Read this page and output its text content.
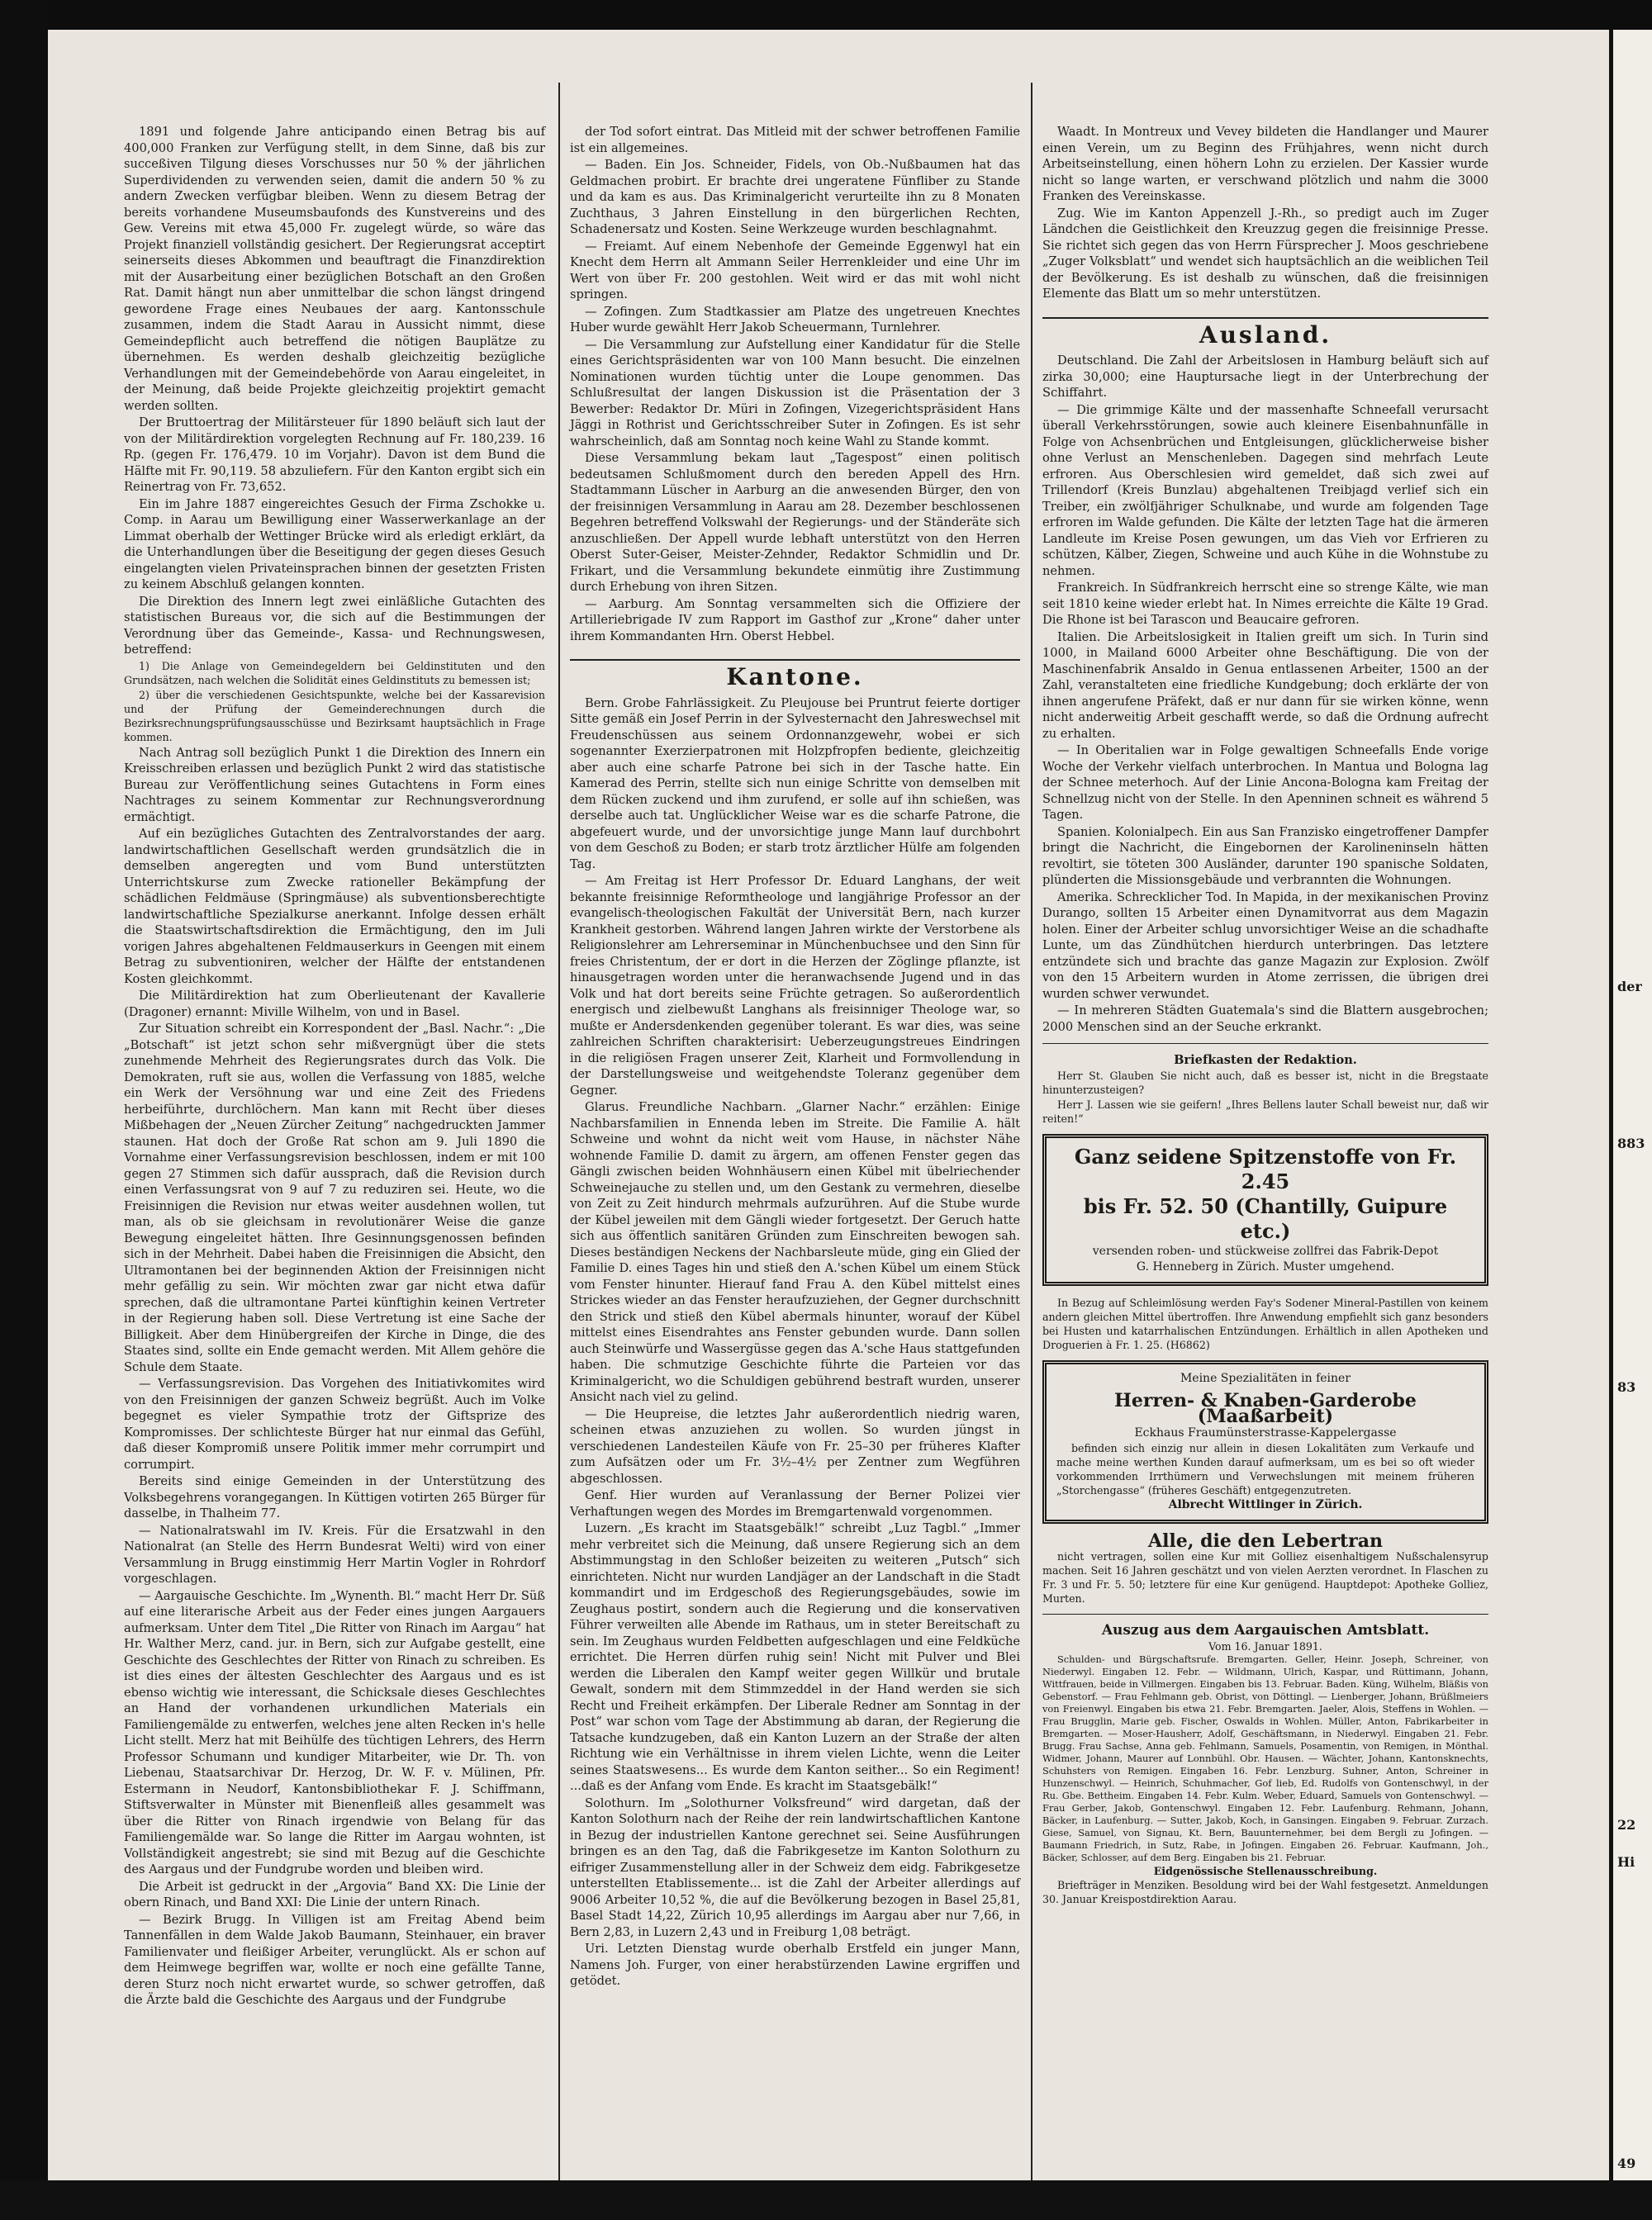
1891 und folgende Jahre anticipando einen Betrag bis auf 400,000 Franken zur Verfügung stellt, in dem Sinne, daß bis zur succeßiven Tilgung dieses Vorschusses nur 50 % der jährlichen Superdividenden zu verwenden seien, damit die andern 50 % zu andern Zwecken verfügbar bleiben. Wenn zu diesem Betrag der bereits vorhandene Museumsbaufonds des Kunstvereins und des Gew. Vereins mit etwa 45,000 Fr. zugelegt würde, so wäre das Projekt finanziell vollständig gesichert. Der Regierungsrat acceptirt seinerseits dieses Abkommen und beauftragt die Finanzdirektion mit der Ausarbeitung einer bezüglichen Botschaft an den Großen Rat. Damit hängt nun aber unmittelbar die schon längst dringend gewordene Frage eines Neubaues der aarg. Kantonsschule zusammen, indem die Stadt Aarau in Aussicht nimmt, diese Gemeindepflicht auch betreffend die nötigen Bauplätze zu übernehmen. Es werden deshalb gleichzeitig bezügliche Verhandlungen mit der Gemeindebehörde von Aarau eingeleitet, in der Meinung, daß beide Projekte gleichzeitig projektirt gemacht werden sollten.

Der Bruttoertrag der Militärsteuer für 1890 beläuft sich laut der von der Militärdirektion vorgelegten Rechnung auf Fr. 180,239. 16 Rp. (gegen Fr. 176,479. 10 im Vorjahr). Davon ist dem Bund die Hälfte mit Fr. 90,119. 58 abzuliefern. Für den Kanton ergibt sich ein Reinertrag von Fr. 73,652.

Ein im Jahre 1887 eingereichtes Gesuch der Firma Zschokke u. Comp. in Aarau um Bewilligung einer Wasserwerkanlage an der Limmat oberhalb der Wettinger Brücke wird als erledigt erklärt, da die Unterhandlungen über die Beseitigung der gegen dieses Gesuch eingelangten vielen Privateinsprachen binnen der gesetzten Fristen zu keinem Abschluß gelangen konnten.

Die Direktion des Innern legt zwei einläßliche Gutachten des statistischen Bureaus vor, die sich auf die Bestimmungen der Verordnung über das Gemeinde-, Kassa- und Rechnungswesen, betreffend:

1) Die Anlage von Gemeindegeldern bei Geldinstituten und den Grundsätzen, nach welchen die Solidität eines Geldinstituts zu bemessen ist;

2) über die verschiedenen Gesichtspunkte, welche bei der Kassarevision und der Prüfung der Gemeinderechnungen durch die Bezirksrechnungsprüfungsausschüsse und Bezirksamt hauptsächlich in Frage kommen.

Nach Antrag soll bezüglich Punkt 1 die Direktion des Innern ein Kreisschreiben erlassen und bezüglich Punkt 2 wird das statistische Bureau zur Veröffentlichung seines Gutachtens in Form eines Nachtrages zu seinem Kommentar zur Rechnungsverordnung ermächtigt.

Auf ein bezügliches Gutachten des Zentralvorstandes der aarg. landwirtschaftlichen Gesellschaft werden grundsätzlich die in demselben angeregten und vom Bund unterstützten Unterrichtskurse zum Zwecke rationeller Bekämpfung der schädlichen Feldmäuse (Springmäuse) als subventionsberechtigte landwirtschaftliche Spezialkurse anerkannt. Infolge dessen erhält die Staatswirtschaftsdirektion die Ermächtigung, den im Juli vorigen Jahres abgehaltenen Feldmauserkurs in Geengen mit einem Betrag zu subventioniren, welcher der Hälfte der entstandenen Kosten gleichkommt.

Die Militärdirektion hat zum Oberlieutenant der Kavallerie (Dragoner) ernannt: Miville Wilhelm, von und in Basel.

Zur Situation schreibt ein Korrespondent der „Basl. Nachr.“: „Die „Botschaft“ ist jetzt schon sehr mißvergnügt über die stets zunehmende Mehrheit des Regierungsrates durch das Volk. Die Demokraten, ruft sie aus, wollen die Verfassung von 1885, welche ein Werk der Versöhnung war und eine Zeit des Friedens herbeiführte, durchlöchern. Man kann mit Recht über dieses Mißbehagen der „Neuen Zürcher Zeitung“ nachgedruckten Jammer staunen. Hat doch der Große Rat schon am 9. Juli 1890 die Vornahme einer Verfassungsrevision beschlossen, indem er mit 100 gegen 27 Stimmen sich dafür aussprach, daß die Revision durch einen Verfassungsrat von 9 auf 7 zu reduziren sei. Heute, wo die Freisinnigen die Revision nur etwas weiter ausdehnen wollen, tut man, als ob sie gleichsam in revolutionärer Weise die ganze Bewegung eingeleitet hätten. Ihre Gesinnungsgenossen befinden sich in der Mehrheit. Dabei haben die Freisinnigen die Absicht, den Ultramontanen bei der beginnenden Aktion der Freisinnigen nicht mehr gefällig zu sein. Wir möchten zwar gar nicht etwa dafür sprechen, daß die ultramontane Partei künftighin keinen Vertreter in der Regierung haben soll. Diese Vertretung ist eine Sache der Billigkeit. Aber dem Hinübergreifen der Kirche in Dinge, die des Staates sind, sollte ein Ende gemacht werden. Mit Allem gehöre die Schule dem Staate.

— Verfassungsrevision. Das Vorgehen des Initiativkomites wird von den Freisinnigen der ganzen Schweiz begrüßt. Auch im Volke begegnet es vieler Sympathie trotz der Giftsprize des Kompromisses. Der schlichteste Bürger hat nur einmal das Gefühl, daß dieser Kompromiß unsere Politik immer mehr corrumpirt und corrumpirt.

Bereits sind einige Gemeinden in der Unterstützung des Volksbegehrens vorangegangen. In Küttigen votirten 265 Bürger für dasselbe, in Thalheim 77.

— Nationalratswahl im IV. Kreis. Für die Ersatzwahl in den Nationalrat (an Stelle des Herrn Bundesrat Welti) wird von einer Versammlung in Brugg einstimmig Herr Martin Vogler in Rohrdorf vorgeschlagen.

— Aargauische Geschichte. Im „Wynenth. Bl.“ macht Herr Dr. Süß auf eine literarische Arbeit aus der Feder eines jungen Aargauers aufmerksam. Unter dem Titel „Die Ritter von Rinach im Aargau“ hat Hr. Walther Merz, cand. jur. in Bern, sich zur Aufgabe gestellt, eine Geschichte des Geschlechtes der Ritter von Rinach zu schreiben. Es ist dies eines der ältesten Geschlechter des Aargaus und es ist ebenso wichtig wie interessant, die Schicksale dieses Geschlechtes an Hand der vorhandenen urkundlichen Materials ein Familiengemälde zu entwerfen, welches jene alten Recken in's helle Licht stellt. Merz hat mit Beihülfe des tüchtigen Lehrers, des Herrn Professor Schumann und kundiger Mitarbeiter, wie Dr. Th. von Liebenau, Staatsarchivar Dr. Herzog, Dr. W. F. v. Mülinen, Pfr. Estermann in Neudorf, Kantonsbibliothekar F. J. Schiffmann, Stiftsverwalter in Münster mit Bienenfleiß alles gesammelt was über die Ritter von Rinach irgendwie von Belang für das Familiengemälde war. So lange die Ritter im Aargau wohnten, ist Vollständigkeit angestrebt; sie sind mit Bezug auf die Geschichte des Aargaus und der Fundgrube worden und bleiben wird.

Die Arbeit ist gedruckt in der „Argovia“ Band XX: Die Linie der obern Rinach, und Band XXI: Die Linie der untern Rinach.

— Bezirk Brugg. In Villigen ist am Freitag Abend beim Tannenfällen in dem Walde Jakob Baumann, Steinhauer, ein braver Familienvater und fleißiger Arbeiter, verunglückt. Als er schon auf dem Heimwege begriffen war, wollte er noch eine gefällte Tanne, deren Sturz noch nicht erwartet wurde, so schwer getroffen, daß die Ärzte bald die Geschichte des Aargaus und der Fundgrube

der Tod sofort eintrat. Das Mitleid mit der schwer betroffenen Familie ist ein allgemeines.

— Baden. Ein Jos. Schneider, Fidels, von Ob.-Nußbaumen hat das Geldmachen probirt. Er brachte drei ungeratene Fünfliber zu Stande und da kam es aus. Das Kriminalgericht verurteilte ihn zu 8 Monaten Zuchthaus, 3 Jahren Einstellung in den bürgerlichen Rechten, Schadenersatz und Kosten. Seine Werkzeuge wurden beschlagnahmt.

— Freiamt. Auf einem Nebenhofe der Gemeinde Eggenwyl hat ein Knecht dem Herrn alt Ammann Seiler Herrenkleider und eine Uhr im Wert von über Fr. 200 gestohlen. Weit wird er das mit wohl nicht springen.

— Zofingen. Zum Stadtkassier am Platze des ungetreuen Knechtes Huber wurde gewählt Herr Jakob Scheuermann, Turnlehrer.

— Die Versammlung zur Aufstellung einer Kandidatur für die Stelle eines Gerichtspräsidenten war von 100 Mann besucht. Die einzelnen Nominationen wurden tüchtig unter die Loupe genommen. Das Schlußresultat der langen Diskussion ist die Präsentation der 3 Bewerber: Redaktor Dr. Müri in Zofingen, Vizegerichtspräsident Hans Jäggi in Rothrist und Gerichtsschreiber Suter in Zofingen. Es ist sehr wahrscheinlich, daß am Sonntag noch keine Wahl zu Stande kommt.

Diese Versammlung bekam laut „Tagespost“ einen politisch bedeutsamen Schlußmoment durch den bereden Appell des Hrn. Stadtammann Lüscher in Aarburg an die anwesenden Bürger, den von der freisinnigen Versammlung in Aarau am 28. Dezember beschlossenen Begehren betreffend Volkswahl der Regierungs- und der Ständeräte sich anzuschließen. Der Appell wurde lebhaft unterstützt von den Herren Oberst Suter-Geiser, Meister-Zehnder, Redaktor Schmidlin und Dr. Frikart, und die Versammlung bekundete einmütig ihre Zustimmung durch Erhebung von ihren Sitzen.

— Aarburg. Am Sonntag versammelten sich die Offiziere der Artilleriebrigade IV zum Rapport im Gasthof zur „Krone“ daher unter ihrem Kommandanten Hrn. Oberst Hebbel.

Kantone.

Bern. Grobe Fahrlässigkeit. Zu Pleujouse bei Pruntrut feierte dortiger Sitte gemäß ein Josef Perrin in der Sylvesternacht den Jahreswechsel mit Freudenschüssen aus seinem Ordonnanzgewehr, wobei er sich sogenannter Exerzierpatronen mit Holzpfropfen bediente, gleichzeitig aber auch eine scharfe Patrone bei sich in der Tasche hatte. Ein Kamerad des Perrin, stellte sich nun einige Schritte von demselben mit dem Rücken zuckend und ihm zurufend, er solle auf ihn schießen, was derselbe auch tat. Unglücklicher Weise war es die scharfe Patrone, die abgefeuert wurde, und der unvorsichtige junge Mann lauf durchbohrt von dem Geschoß zu Boden; er starb trotz ärztlicher Hülfe am folgenden Tag.

— Am Freitag ist Herr Professor Dr. Eduard Langhans, der weit bekannte freisinnige Reformtheologe und langjährige Professor an der evangelisch-theologischen Fakultät der Universität Bern, nach kurzer Krankheit gestorben. Während langen Jahren wirkte der Verstorbene als Religionslehrer am Lehrerseminar in Münchenbuchsee und den Sinn für freies Christentum, der er dort in die Herzen der Zöglinge pflanzte, ist hinausgetragen worden unter die heranwachsende Jugend und in das Volk und hat dort bereits seine Früchte getragen. So außerordentlich energisch und zielbewußt Langhans als freisinniger Theologe war, so mußte er Andersdenkenden gegenüber tolerant. Es war dies, was seine zahlreichen Schriften charakterisirt: Ueberzeugungstreues Eindringen in die religiösen Fragen unserer Zeit, Klarheit und Formvollendung in der Darstellungsweise und weitgehendste Toleranz gegenüber dem Gegner.

Glarus. Freundliche Nachbarn. „Glarner Nachr.“ erzählen: Einige Nachbarsfamilien in Ennenda leben im Streite. Die Familie A. hält Schweine und wohnt da nicht weit vom Hause, in nächster Nähe wohnende Familie D. damit zu ärgern, am offenen Fenster gegen das Gängli zwischen beiden Wohnhäusern einen Kübel mit übelriechender Schweinejauche zu stellen und, um den Gestank zu vermehren, dieselbe von Zeit zu Zeit hindurch mehrmals aufzurühren. Auf die Stube wurde der Kübel jeweilen mit dem Gängli wieder fortgesetzt. Der Geruch hatte sich aus öffentlich sanitären Gründen zum Einschreiten bewogen sah. Dieses beständigen Neckens der Nachbarsleute müde, ging ein Glied der Familie D. eines Tages hin und stieß den A.'schen Kübel um einem Stück vom Fenster hinunter. Hierauf fand Frau A. den Kübel mittelst eines Strickes wieder an das Fenster heraufzuziehen, der Gegner durchschnitt den Strick und stieß den Kübel abermals hinunter, worauf der Kübel mittelst eines Eisendrahtes ans Fenster gebunden wurde. Dann sollen auch Steinwürfe und Wassergüsse gegen das A.'sche Haus stattgefunden haben. Die schmutzige Geschichte führte die Parteien vor das Kriminalgericht, wo die Schuldigen gebührend bestraft wurden, unserer Ansicht nach viel zu gelind.

— Die Heupreise, die letztes Jahr außerordentlich niedrig waren, scheinen etwas anzuziehen zu wollen. So wurden jüngst in verschiedenen Landesteilen Käufe von Fr. 25–30 per früheres Klafter zum Aufsätzen oder um Fr. 3½–4½ per Zentner zum Wegführen abgeschlossen.

Genf. Hier wurden auf Veranlassung der Berner Polizei vier Verhaftungen wegen des Mordes im Bremgartenwald vorgenommen.

Luzern. „Es kracht im Staatsgebälk!“ schreibt „Luz Tagbl.“ „Immer mehr verbreitet sich die Meinung, daß unsere Regierung sich an dem Abstimmungstag in den Schloßer beizeiten zu weiteren „Putsch“ sich einrichteten. Nicht nur wurden Landjäger an der Landschaft in die Stadt kommandirt und im Erdgeschoß des Regierungsgebäudes, sowie im Zeughaus postirt, sondern auch die Regierung und die konservativen Führer verweilten alle Abende im Rathaus, um in steter Bereitschaft zu sein. Im Zeughaus wurden Feldbetten aufgeschlagen und eine Feldküche errichtet. Die Herren dürfen ruhig sein! Nicht mit Pulver und Blei werden die Liberalen den Kampf weiter gegen Willkür und brutale Gewalt, sondern mit dem Stimmzeddel in der Hand werden sie sich Recht und Freiheit erkämpfen. Der Liberale Redner am Sonntag in der Post“ war schon vom Tage der Abstimmung ab daran, der Regierung die Tatsache kundzugeben, daß ein Kanton Luzern an der Straße der alten Richtung wie ein Verhältnisse in ihrem vielen Lichte, wenn die Leiter seines Staatswesens... Es wurde dem Kanton seither... So ein Regiment! ...daß es der Anfang vom Ende. Es kracht im Staatsgebälk!“

Solothurn. Im „Solothurner Volksfreund“ wird dargetan, daß der Kanton Solothurn nach der Reihe der rein landwirtschaftlichen Kantone in Bezug der industriellen Kantone gerechnet sei. Seine Ausführungen bringen es an den Tag, daß die Fabrikgesetze im Kanton Solothurn zu eifriger Zusammenstellung aller in der Schweiz dem eidg. Fabrikgesetze unterstellten Etablissemente... ist die Zahl der Arbeiter allerdings auf 9006 Arbeiter 10,52 %, die auf die Bevölkerung bezogen in Basel 25,81, Basel Stadt 14,22, Zürich 10,95 allerdings im Aargau aber nur 7,66, in Bern 2,83, in Luzern 2,43 und in Freiburg 1,08 beträgt.

Uri. Letzten Dienstag wurde oberhalb Erstfeld ein junger Mann, Namens Joh. Furger, von einer herabstürzenden Lawine ergriffen und getödet.

Waadt. In Montreux und Vevey bildeten die Handlanger und Maurer einen Verein, um zu Beginn des Frühjahres, wenn nicht durch Arbeitseinstellung, einen höhern Lohn zu erzielen. Der Kassier wurde nicht so lange warten, er verschwand plötzlich und nahm die 3000 Franken des Vereinskasse.

Zug. Wie im Kanton Appenzell J.-Rh., so predigt auch im Zuger Ländchen die Geistlichkeit den Kreuzzug gegen die freisinnige Presse. Sie richtet sich gegen das von Herrn Fürsprecher J. Moos geschriebene „Zuger Volksblatt“ und wendet sich hauptsächlich an die weiblichen Teil der Bevölkerung. Es ist deshalb zu wünschen, daß die freisinnigen Elemente das Blatt um so mehr unterstützen.

Ausland.

Deutschland. Die Zahl der Arbeitslosen in Hamburg beläuft sich auf zirka 30,000; eine Hauptursache liegt in der Unterbrechung der Schiffahrt.

— Die grimmige Kälte und der massenhafte Schneefall verursacht überall Verkehrsstörungen, sowie auch kleinere Eisenbahnunfälle in Folge von Achsenbrüchen und Entgleisungen, glücklicherweise bisher ohne Verlust an Menschenleben. Dagegen sind mehrfach Leute erfroren. Aus Oberschlesien wird gemeldet, daß sich zwei auf Trillendorf (Kreis Bunzlau) abgehaltenen Treibjagd verlief sich ein Treiber, ein zwölfjähriger Schulknabe, und wurde am folgenden Tage erfroren im Walde gefunden. Die Kälte der letzten Tage hat die ärmeren Landleute im Kreise Posen gewungen, um das Vieh vor Erfrieren zu schützen, Kälber, Ziegen, Schweine und auch Kühe in die Wohnstube zu nehmen.

Frankreich. In Südfrankreich herrscht eine so strenge Kälte, wie man seit 1810 keine wieder erlebt hat. In Nimes erreichte die Kälte 19 Grad. Die Rhone ist bei Tarascon und Beaucaire gefroren.

Italien. Die Arbeitslosigkeit in Italien greift um sich. In Turin sind 1000, in Mailand 6000 Arbeiter ohne Beschäftigung. Die von der Maschinenfabrik Ansaldo in Genua entlassenen Arbeiter, 1500 an der Zahl, veranstalteten eine friedliche Kundgebung; doch erklärte der von ihnen angerufene Präfekt, daß er nur dann für sie wirken könne, wenn nicht anderweitig Arbeit geschafft werde, so daß die Ordnung aufrecht zu erhalten.

— In Oberitalien war in Folge gewaltigen Schneefalls Ende vorige Woche der Verkehr vielfach unterbrochen. In Mantua und Bologna lag der Schnee meterhoch. Auf der Linie Ancona-Bologna kam Freitag der Schnellzug nicht von der Stelle. In den Apenninen schneit es während 5 Tagen.

Spanien. Kolonialpech. Ein aus San Franzisko eingetroffener Dampfer bringt die Nachricht, die Eingebornen der Karolineninseln hätten revoltirt, sie töteten 300 Ausländer, darunter 190 spanische Soldaten, plünderten die Missionsgebäude und verbrannten die Wohnungen.

Amerika. Schrecklicher Tod. In Mapida, in der mexikanischen Provinz Durango, sollten 15 Arbeiter einen Dynamitvorrat aus dem Magazin holen. Einer der Arbeiter schlug unvorsichtiger Weise an die schadhafte Lunte, um das Zündhütchen hierdurch unterbringen. Das letztere entzündete sich und brachte das ganze Magazin zur Explosion. Zwölf von den 15 Arbeitern wurden in Atome zerrissen, die übrigen drei wurden schwer verwundet.

— In mehreren Städten Guatemala's sind die Blattern ausgebrochen; 2000 Menschen sind an der Seuche erkrankt.

Briefkasten der Redaktion.

Herr St. Glauben Sie nicht auch, daß es besser ist, nicht in die Bregstaate hinunterzusteigen?

Herr J. Lassen wie sie geifern! „Ihres Bellens lauter Schall beweist nur, daß wir reiten!“

Ganz seidene Spitzenstoffe von Fr. 2.45
bis Fr. 52. 50 (Chantilly, Guipure etc.)
versenden roben- und stückweise zollfrei das Fabrik-Depot
G. Henneberg in Zürich. Muster umgehend.

In Bezug auf Schleimlösung werden Fay's Sodener Mineral-Pastillen von keinem andern gleichen Mittel übertroffen. Ihre Anwendung empfiehlt sich ganz besonders bei Husten und katarrhalischen Entzündungen. Erhältlich in allen Apotheken und Droguerien à Fr. 1. 25. (H6862)

Meine Spezialitäten in feiner
Herren- & Knaben-Garderobe (Maaßarbeit)
Eckhaus Fraumünsterstrasse-Kappelergasse

befinden sich einzig nur allein in diesen Lokalitäten zum Verkaufe und mache meine werthen Kunden darauf aufmerksam, um es bei so oft wieder vorkommenden Irrthümern und Verwechslungen mit meinem früheren „Storchengasse“ (früheres Geschäft) entgegenzutreten.

Albrecht Wittlinger in Zürich.
Alle, die den Lebertran

nicht vertragen, sollen eine Kur mit Golliez eisenhaltigem Nußschalensyrup machen. Seit 16 Jahren geschätzt und von vielen Aerzten verordnet. In Flaschen zu Fr. 3 und Fr. 5. 50; letztere für eine Kur genügend. Hauptdepot: Apotheke Golliez, Murten.

Auszug aus dem Aargauischen Amtsblatt.
Vom 16. Januar 1891.

Schulden- und Bürgschaftsrufe. Bremgarten. Geller, Heinr. Joseph, Schreiner, von Niederwyl. Eingaben 12. Febr. — Wildmann, Ulrich, Kaspar, und Rüttimann, Johann, Wittfrauen, beide in Villmergen. Eingaben bis 13. Februar. Baden. Küng, Wilhelm, Bläßis von Gebenstorf. — Frau Fehlmann geb. Obrist, von Döttingl. — Lienberger, Johann, Brüßlmeiers von Freienwyl. Eingaben bis etwa 21. Febr. Bremgarten. Jaeler, Alois, Steffens in Wohlen. — Frau Brugglin, Marie geb. Fischer, Oswalds in Wohlen. Müller, Anton, Fabrikarbeiter in Bremgarten. — Moser-Hausherr, Adolf, Geschäftsmann, in Niederwyl. Eingaben 21. Febr. Brugg. Frau Sachse, Anna geb. Fehlmann, Samuels, Posamentin, von Remigen, in Mönthal. Widmer, Johann, Maurer auf Lonnbühl. Obr. Hausen. — Wächter, Johann, Kantonsknechts, Schuhsters von Remigen. Eingaben 16. Febr. Lenzburg. Suhner, Anton, Schreiner in Hunzenschwyl. — Heinrich, Schuhmacher, Gof lieb, Ed. Rudolfs von Gontenschwyl, in der Ru. Gbe. Bettheim. Eingaben 14. Febr. Kulm. Weber, Eduard, Samuels von Gontenschwyl. — Frau Gerber, Jakob, Gontenschwyl. Eingaben 12. Febr. Laufenburg. Rehmann, Johann, Bäcker, in Laufenburg. — Sutter, Jakob, Koch, in Gansingen. Eingaben 9. Februar. Zurzach. Giese, Samuel, von Signau, Kt. Bern, Bauunternehmer, bei dem Bergli zu Jofingen. — Baumann Friedrich, in Sutz, Rabe, in Jofingen. Eingaben 26. Februar. Kaufmann, Joh., Bäcker, Schlosser, auf dem Berg. Eingaben bis 21. Februar.

Eidgenössische Stellenausschreibung.

Briefträger in Menziken. Besoldung wird bei der Wahl festgesetzt. Anmeldungen 30. Januar Kreispostdirektion Aarau.

22
Hi
der
883
83
49
